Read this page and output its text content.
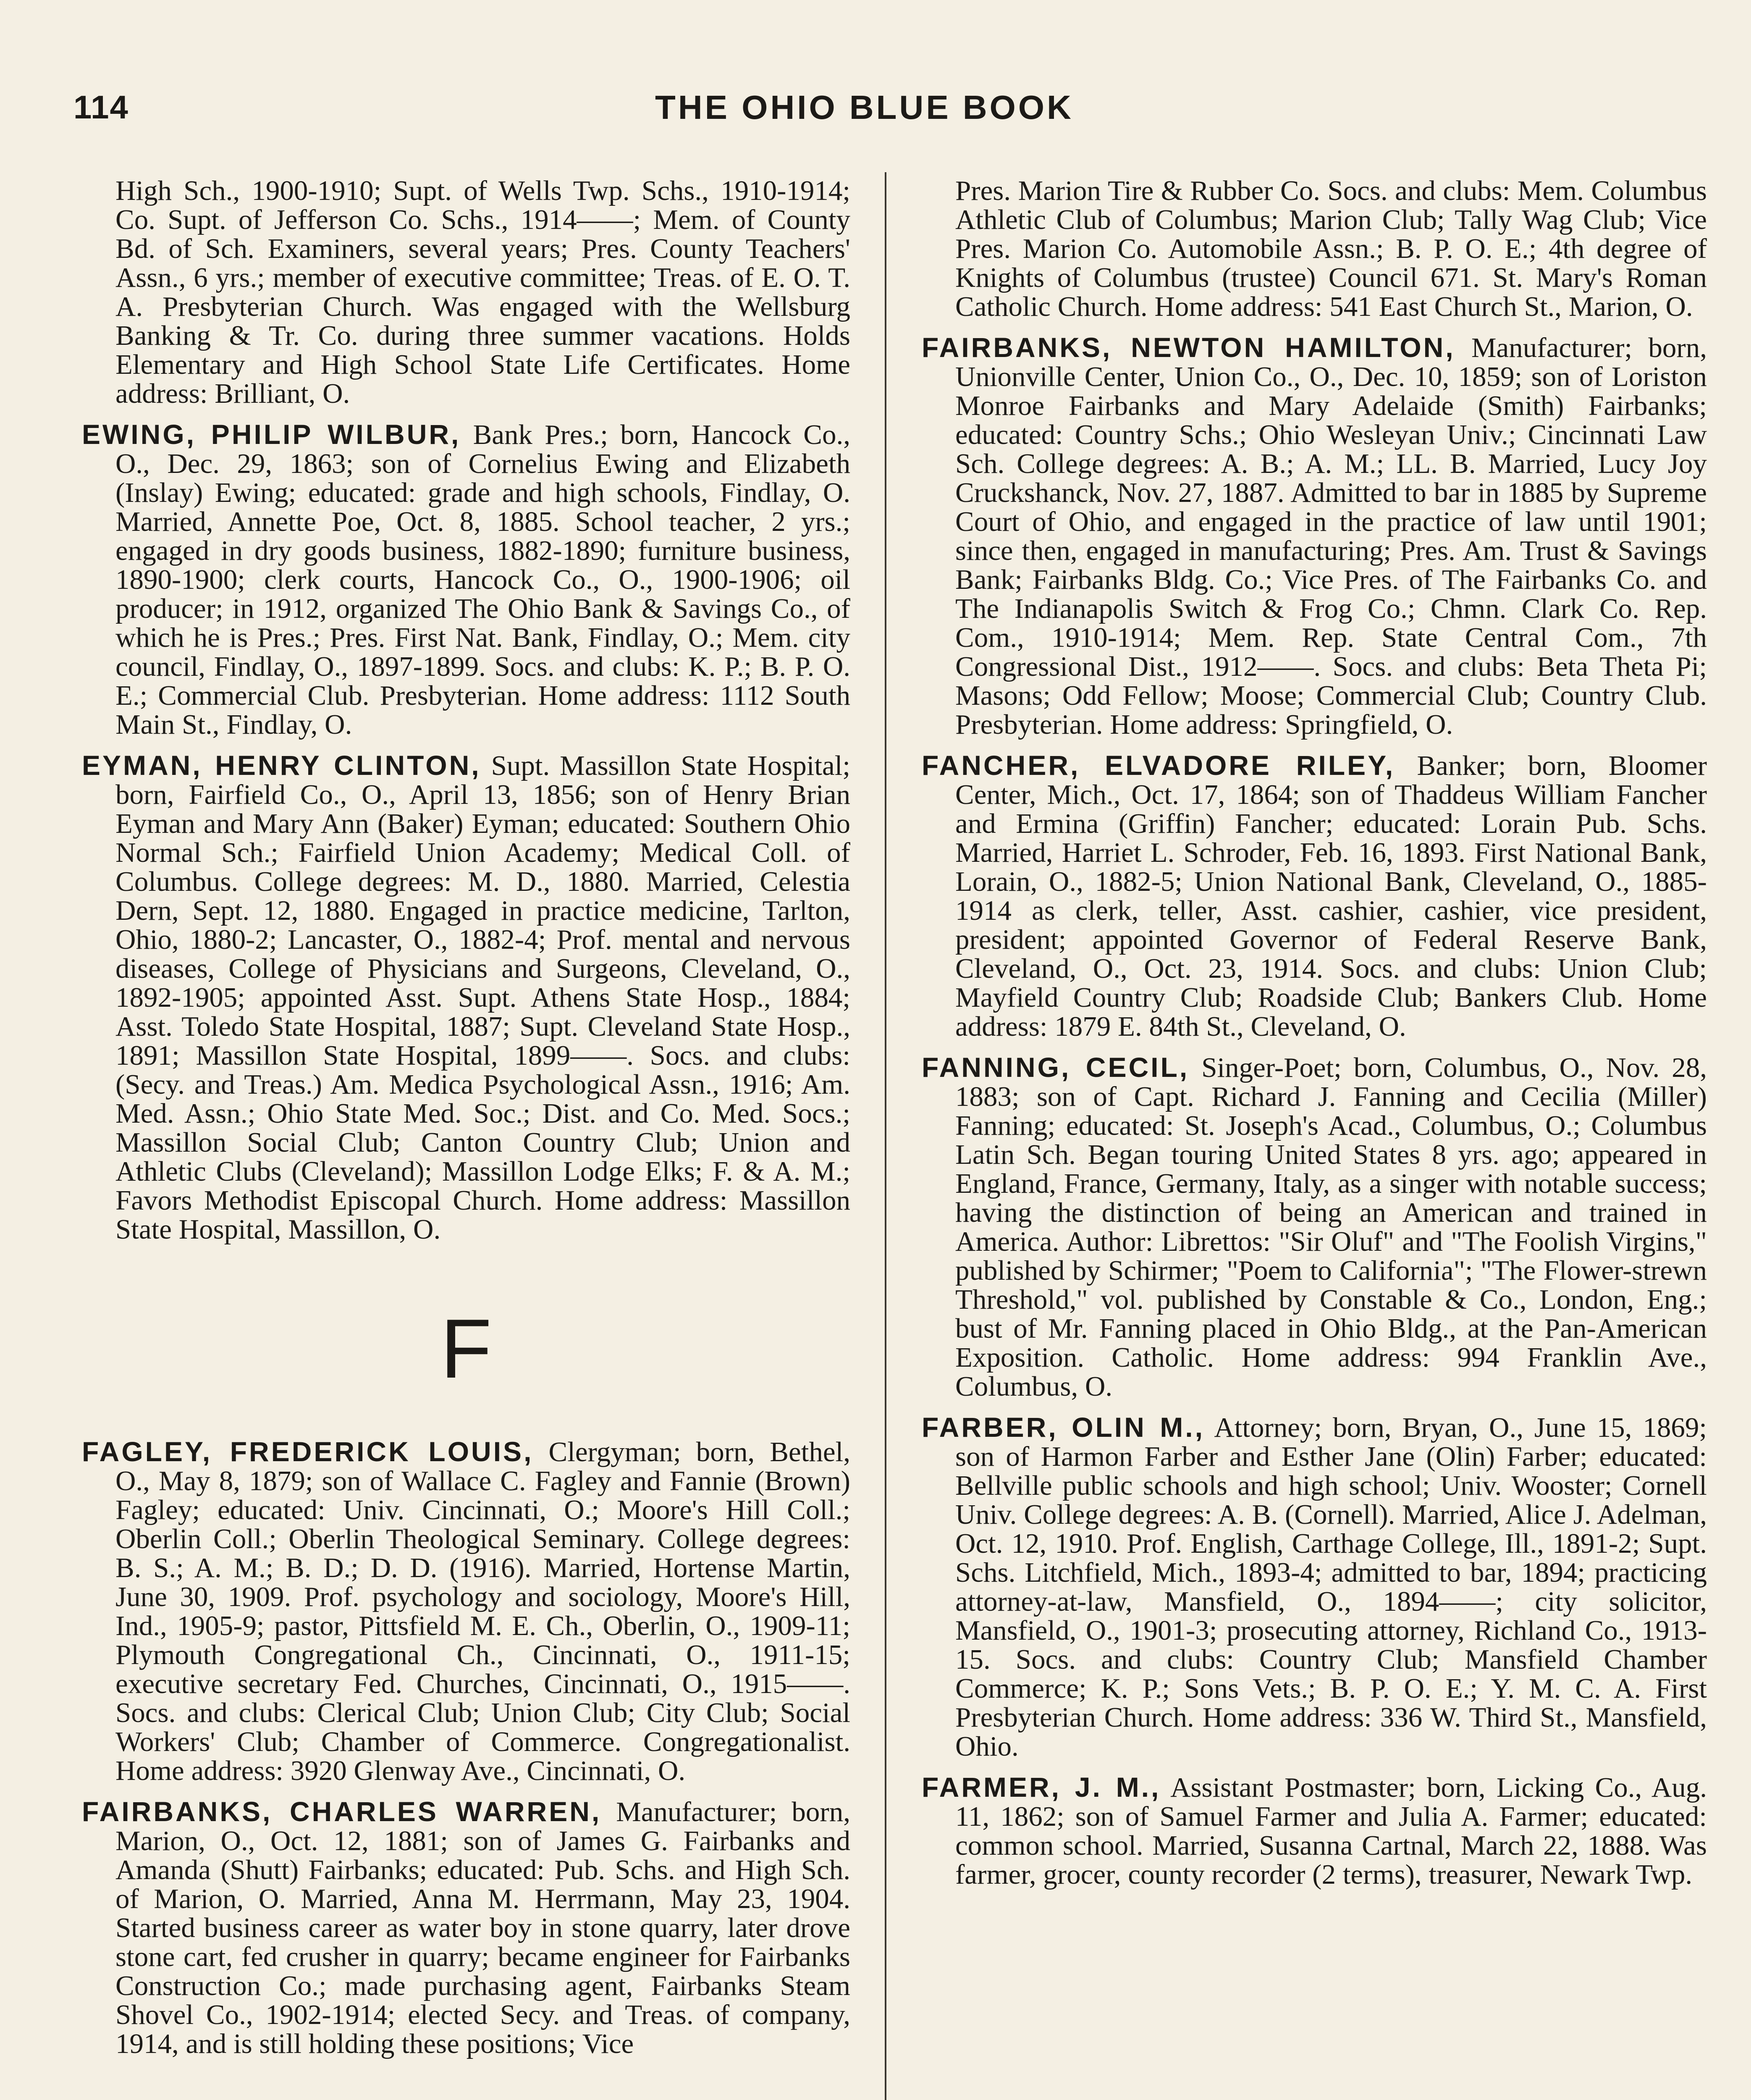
114	THE OHIO BLUE BOOK

High Sch., 1900-1910; Supt. of Wells Twp. Schs., 1910-1914; Co. Supt. of Jefferson Co. Schs., 1914——; Mem. of County Bd. of Sch. Examiners, several years; Pres. County Teachers' Assn., 6 yrs.; member of executive committee; Treas. of E. O. T. A. Presbyterian Church. Was engaged with the Wellsburg Banking & Tr. Co. during three summer vacations. Holds Elementary and High School State Life Certificates. Home address: Brilliant, O.

EWING, PHILIP WILBUR, Bank Pres.; born, Hancock Co., O., Dec. 29, 1863; son of Cornelius Ewing and Elizabeth (Inslay) Ewing; educated: grade and high schools, Findlay, O. Married, Annette Poe, Oct. 8, 1885. School teacher, 2 yrs.; engaged in dry goods business, 1882-1890; furniture business, 1890-1900; clerk courts, Hancock Co., O., 1900-1906; oil producer; in 1912, organized The Ohio Bank & Savings Co., of which he is Pres.; Pres. First Nat. Bank, Findlay, O.; Mem. city council, Findlay, O., 1897-1899. Socs. and clubs: K. P.; B. P. O. E.; Commercial Club. Presbyterian. Home address: 1112 South Main St., Findlay, O.

EYMAN, HENRY CLINTON, Supt. Massillon State Hospital; born, Fairfield Co., O., April 13, 1856; son of Henry Brian Eyman and Mary Ann (Baker) Eyman; educated: Southern Ohio Normal Sch.; Fairfield Union Academy; Medical Coll. of Columbus. College degrees: M. D., 1880. Married, Celestia Dern, Sept. 12, 1880. Engaged in practice medicine, Tarlton, Ohio, 1880-2; Lancaster, O., 1882-4; Prof. mental and nervous diseases, College of Physicians and Surgeons, Cleveland, O., 1892-1905; appointed Asst. Supt. Athens State Hosp., 1884; Asst. Toledo State Hospital, 1887; Supt. Cleveland State Hosp., 1891; Massillon State Hospital, 1899——. Socs. and clubs: (Secy. and Treas.) Am. Medica Psychological Assn., 1916; Am. Med. Assn.; Ohio State Med. Soc.; Dist. and Co. Med. Socs.; Massillon Social Club; Canton Country Club; Union and Athletic Clubs (Cleveland); Massillon Lodge Elks; F. & A. M.; Favors Methodist Episcopal Church. Home address: Massillon State Hospital, Massillon, O.

F

FAGLEY, FREDERICK LOUIS, Clergyman; born, Bethel, O., May 8, 1879; son of Wallace C. Fagley and Fannie (Brown) Fagley; educated: Univ. Cincinnati, O.; Moore's Hill Coll.; Oberlin Coll.; Oberlin Theological Seminary. College degrees: B. S.; A. M.; B. D.; D. D. (1916). Married, Hortense Martin, June 30, 1909. Prof. psychology and sociology, Moore's Hill, Ind., 1905-9; pastor, Pittsfield M. E. Ch., Oberlin, O., 1909-11; Plymouth Congregational Ch., Cincinnati, O., 1911-15; executive secretary Fed. Churches, Cincinnati, O., 1915——. Socs. and clubs: Clerical Club; Union Club; City Club; Social Workers' Club; Chamber of Commerce. Congregationalist. Home address: 3920 Glenway Ave., Cincinnati, O.

FAIRBANKS, CHARLES WARREN, Manufacturer; born, Marion, O., Oct. 12, 1881; son of James G. Fairbanks and Amanda (Shutt) Fairbanks; educated: Pub. Schs. and High Sch. of Marion, O. Married, Anna M. Herrmann, May 23, 1904. Started business career as water boy in stone quarry, later drove stone cart, fed crusher in quarry; became engineer for Fairbanks Construction Co.; made purchasing agent, Fairbanks Steam Shovel Co., 1902-1914; elected Secy. and Treas. of company, 1914, and is still holding these positions; Vice

Pres. Marion Tire & Rubber Co. Socs. and clubs: Mem. Columbus Athletic Club of Columbus; Marion Club; Tally Wag Club; Vice Pres. Marion Co. Automobile Assn.; B. P. O. E.; 4th degree of Knights of Columbus (trustee) Council 671. St. Mary's Roman Catholic Church. Home address: 541 East Church St., Marion, O.

FAIRBANKS, NEWTON HAMILTON, Manufacturer; born, Unionville Center, Union Co., O., Dec. 10, 1859; son of Loriston Monroe Fairbanks and Mary Adelaide (Smith) Fairbanks; educated: Country Schs.; Ohio Wesleyan Univ.; Cincinnati Law Sch. College degrees: A. B.; A. M.; LL. B. Married, Lucy Joy Cruckshanck, Nov. 27, 1887. Admitted to bar in 1885 by Supreme Court of Ohio, and engaged in the practice of law until 1901; since then, engaged in manufacturing; Pres. Am. Trust & Savings Bank; Fairbanks Bldg. Co.; Vice Pres. of The Fairbanks Co. and The Indianapolis Switch & Frog Co.; Chmn. Clark Co. Rep. Com., 1910-1914; Mem. Rep. State Central Com., 7th Congressional Dist., 1912——. Socs. and clubs: Beta Theta Pi; Masons; Odd Fellow; Moose; Commercial Club; Country Club. Presbyterian. Home address: Springfield, O.

FANCHER, ELVADORE RILEY, Banker; born, Bloomer Center, Mich., Oct. 17, 1864; son of Thaddeus William Fancher and Ermina (Griffin) Fancher; educated: Lorain Pub. Schs. Married, Harriet L. Schroder, Feb. 16, 1893. First National Bank, Lorain, O., 1882-5; Union National Bank, Cleveland, O., 1885-1914 as clerk, teller, Asst. cashier, cashier, vice president, president; appointed Governor of Federal Reserve Bank, Cleveland, O., Oct. 23, 1914. Socs. and clubs: Union Club; Mayfield Country Club; Roadside Club; Bankers Club. Home address: 1879 E. 84th St., Cleveland, O.

FANNING, CECIL, Singer-Poet; born, Columbus, O., Nov. 28, 1883; son of Capt. Richard J. Fanning and Cecilia (Miller) Fanning; educated: St. Joseph's Acad., Columbus, O.; Columbus Latin Sch. Began touring United States 8 yrs. ago; appeared in England, France, Germany, Italy, as a singer with notable success; having the distinction of being an American and trained in America. Author: Librettos: "Sir Oluf" and "The Foolish Virgins," published by Schirmer; "Poem to California"; "The Flower-strewn Threshold," vol. published by Constable & Co., London, Eng.; bust of Mr. Fanning placed in Ohio Bldg., at the Pan-American Exposition. Catholic. Home address: 994 Franklin Ave., Columbus, O.

FARBER, OLIN M., Attorney; born, Bryan, O., June 15, 1869; son of Harmon Farber and Esther Jane (Olin) Farber; educated: Bellville public schools and high school; Univ. Wooster; Cornell Univ. College degrees: A. B. (Cornell). Married, Alice J. Adelman, Oct. 12, 1910. Prof. English, Carthage College, Ill., 1891-2; Supt. Schs. Litchfield, Mich., 1893-4; admitted to bar, 1894; practicing attorney-at-law, Mansfield, O., 1894——; city solicitor, Mansfield, O., 1901-3; prosecuting attorney, Richland Co., 1913-15. Socs. and clubs: Country Club; Mansfield Chamber Commerce; K. P.; Sons Vets.; B. P. O. E.; Y. M. C. A. First Presbyterian Church. Home address: 336 W. Third St., Mansfield, Ohio.

FARMER, J. M., Assistant Postmaster; born, Licking Co., Aug. 11, 1862; son of Samuel Farmer and Julia A. Farmer; educated: common school. Married, Susanna Cartnal, March 22, 1888. Was farmer, grocer, county recorder (2 terms), treasurer, Newark Twp.
